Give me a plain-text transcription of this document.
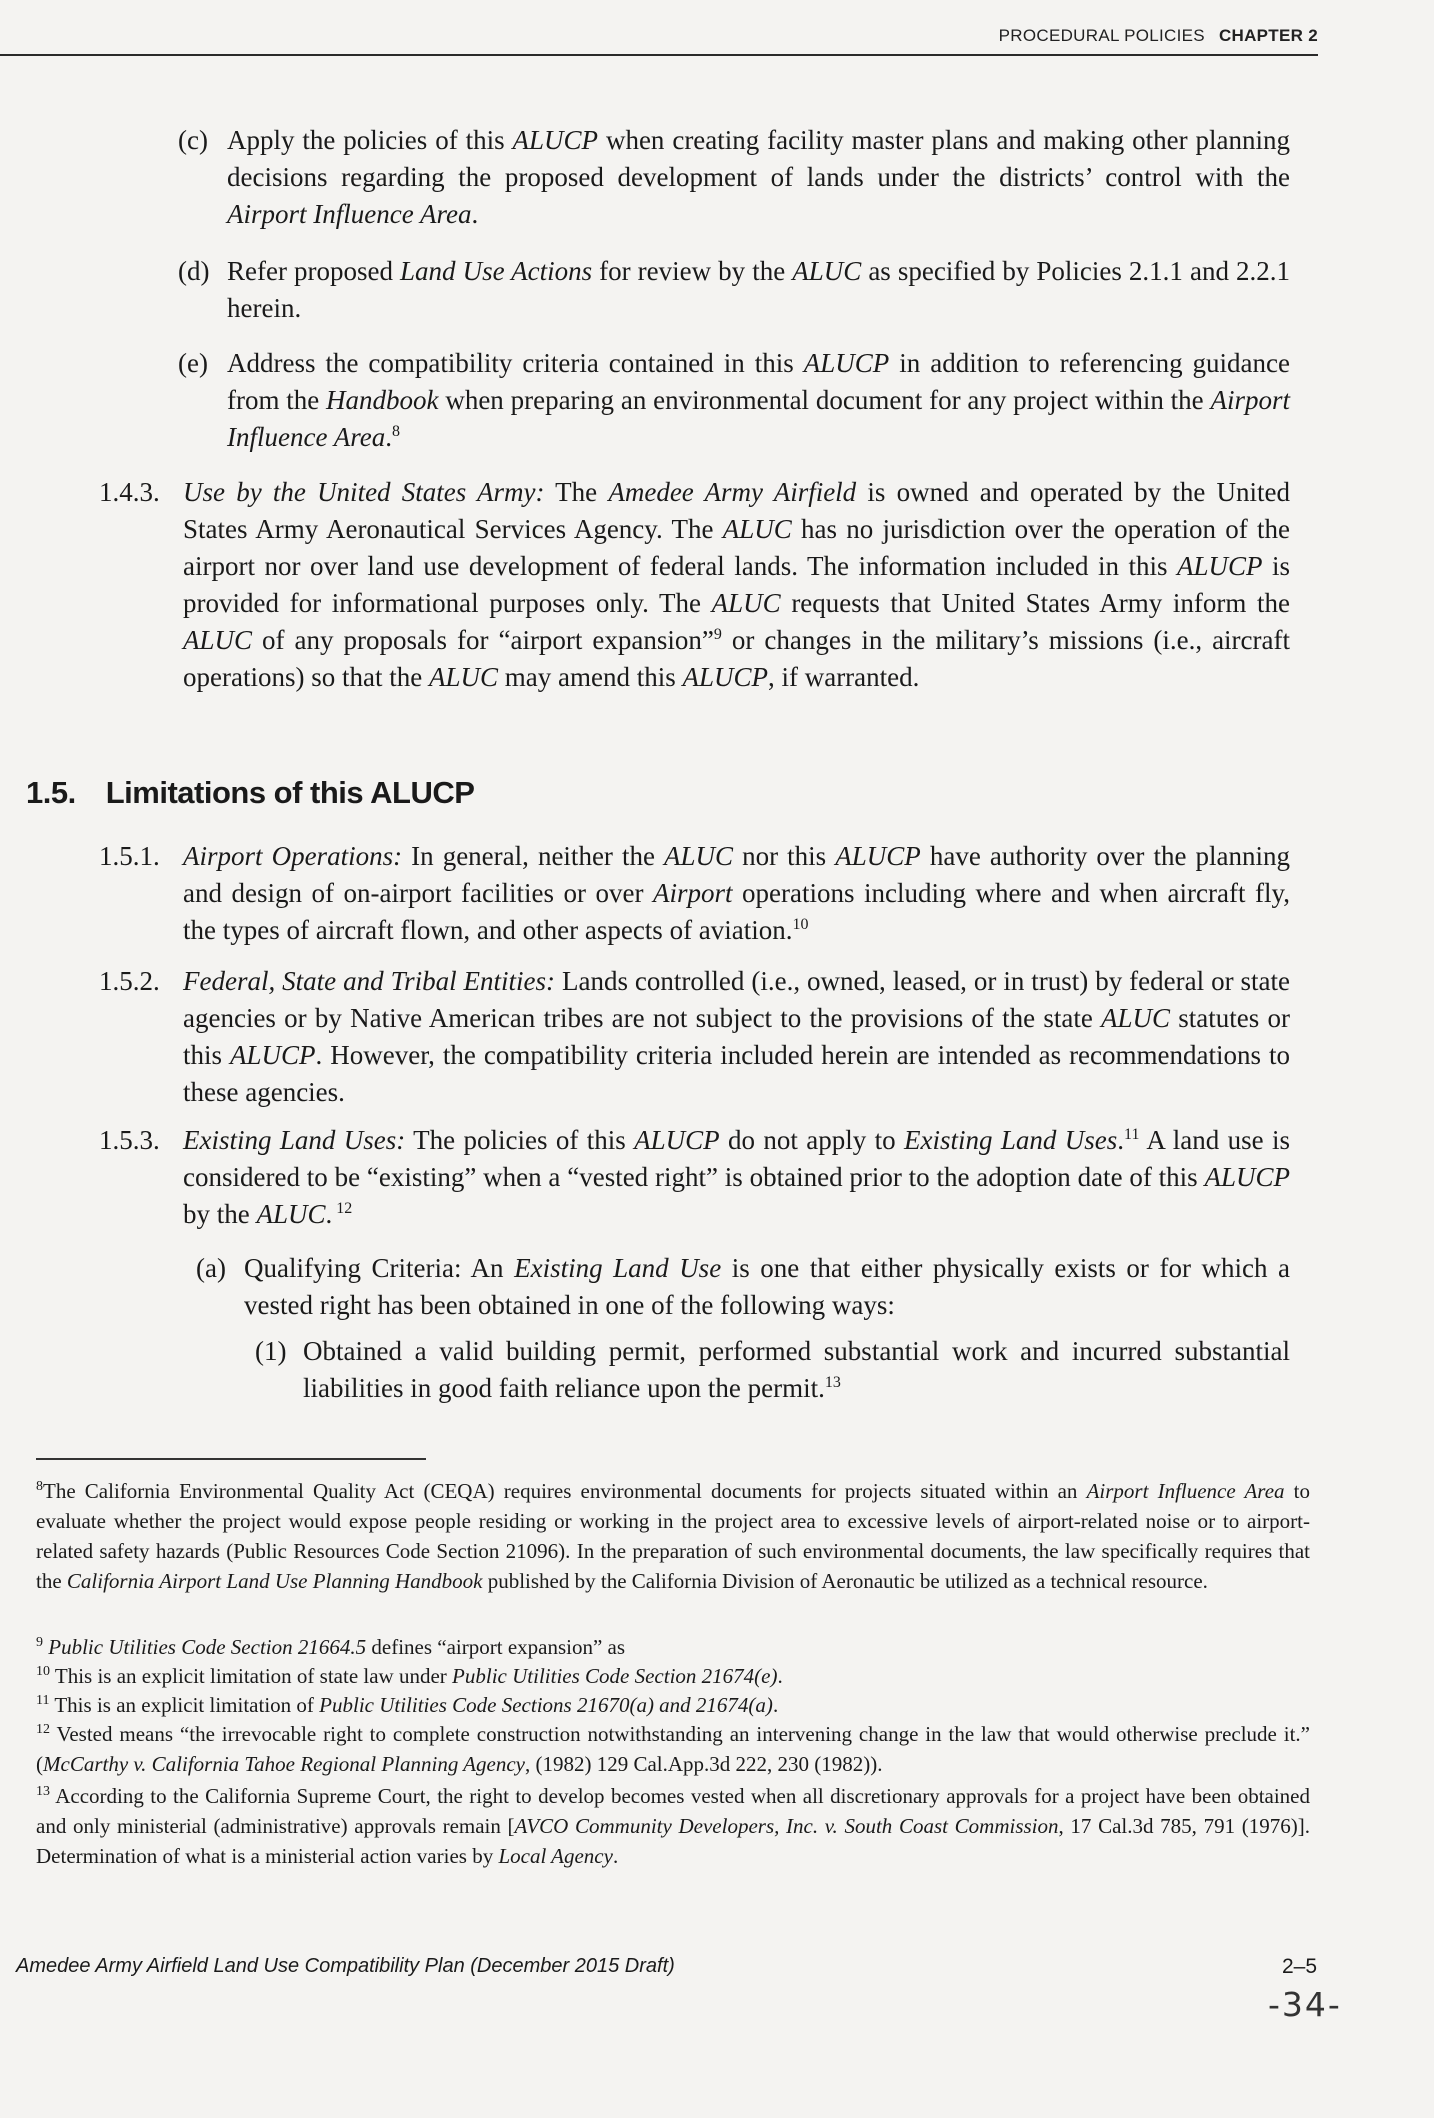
PROCEDURAL POLICIES CHAPTER 2
(c) Apply the policies of this ALUCP when creating facility master plans and making other planning decisions regarding the proposed development of lands under the districts’ control with the Airport Influence Area.
(d) Refer proposed Land Use Actions for review by the ALUC as specified by Policies 2.1.1 and 2.2.1 herein.
(e) Address the compatibility criteria contained in this ALUCP in addition to referencing guidance from the Handbook when preparing an environmental document for any project within the Airport Influence Area.$^8$
1.4.3. Use by the United States Army: The Amedee Army Airfield is owned and operated by the United States Army Aeronautical Services Agency. The ALUC has no jurisdiction over the operation of the airport nor over land use development of federal lands. The information included in this ALUCP is provided for informational purposes only. The ALUC requests that United States Army inform the ALUC of any proposals for “airport expansion”$^9$ or changes in the military’s missions (i.e., aircraft operations) so that the ALUC may amend this ALUCP, if warranted.
1.5. Limitations of this ALUCP
1.5.1. Airport Operations: In general, neither the ALUC nor this ALUCP have authority over the planning and design of on-airport facilities or over Airport operations including where and when aircraft fly, the types of aircraft flown, and other aspects of aviation.$^{10}$
1.5.2. Federal, State and Tribal Entities: Lands controlled (i.e., owned, leased, or in trust) by federal or state agencies or by Native American tribes are not subject to the provisions of the state ALUC statutes or this ALUCP. However, the compatibility criteria included herein are intended as recommendations to these agencies.
1.5.3. Existing Land Uses: The policies of this ALUCP do not apply to Existing Land Uses.$^{11}$ A land use is considered to be “existing” when a “vested right” is obtained prior to the adoption date of this ALUCP by the ALUC. $^{12}$
(a) Qualifying Criteria: An Existing Land Use is one that either physically exists or for which a vested right has been obtained in one of the following ways:
(1) Obtained a valid building permit, performed substantial work and incurred substantial liabilities in good faith reliance upon the permit.$^{13}$
$^8$The California Environmental Quality Act (CEQA) requires environmental documents for projects situated within an Airport Influence Area to evaluate whether the project would expose people residing or working in the project area to excessive levels of airport-related noise or to airport-related safety hazards (Public Resources Code Section 21096). In the preparation of such environmental documents, the law specifically requires that the California Airport Land Use Planning Handbook published by the California Division of Aeronautic be utilized as a technical resource.
$^9$ Public Utilities Code Section 21664.5 defines “airport expansion” as
$^{10}$ This is an explicit limitation of state law under Public Utilities Code Section 21674(e).
$^{11}$ This is an explicit limitation of Public Utilities Code Sections 21670(a) and 21674(a).
$^{12}$ Vested means “the irrevocable right to complete construction notwithstanding an intervening change in the law that would otherwise preclude it.” (McCarthy v. California Tahoe Regional Planning Agency, (1982) 129 Cal.App.3d 222, 230 (1982)).
$^{13}$ According to the California Supreme Court, the right to develop becomes vested when all discretionary approvals for a project have been obtained and only ministerial (administrative) approvals remain [AVCO Community Developers, Inc. v. South Coast Commission, 17 Cal.3d 785, 791 (1976)]. Determination of what is a ministerial action varies by Local Agency.
Amedee Army Airfield Land Use Compatibility Plan (December 2015 Draft)	2–5
-34-
